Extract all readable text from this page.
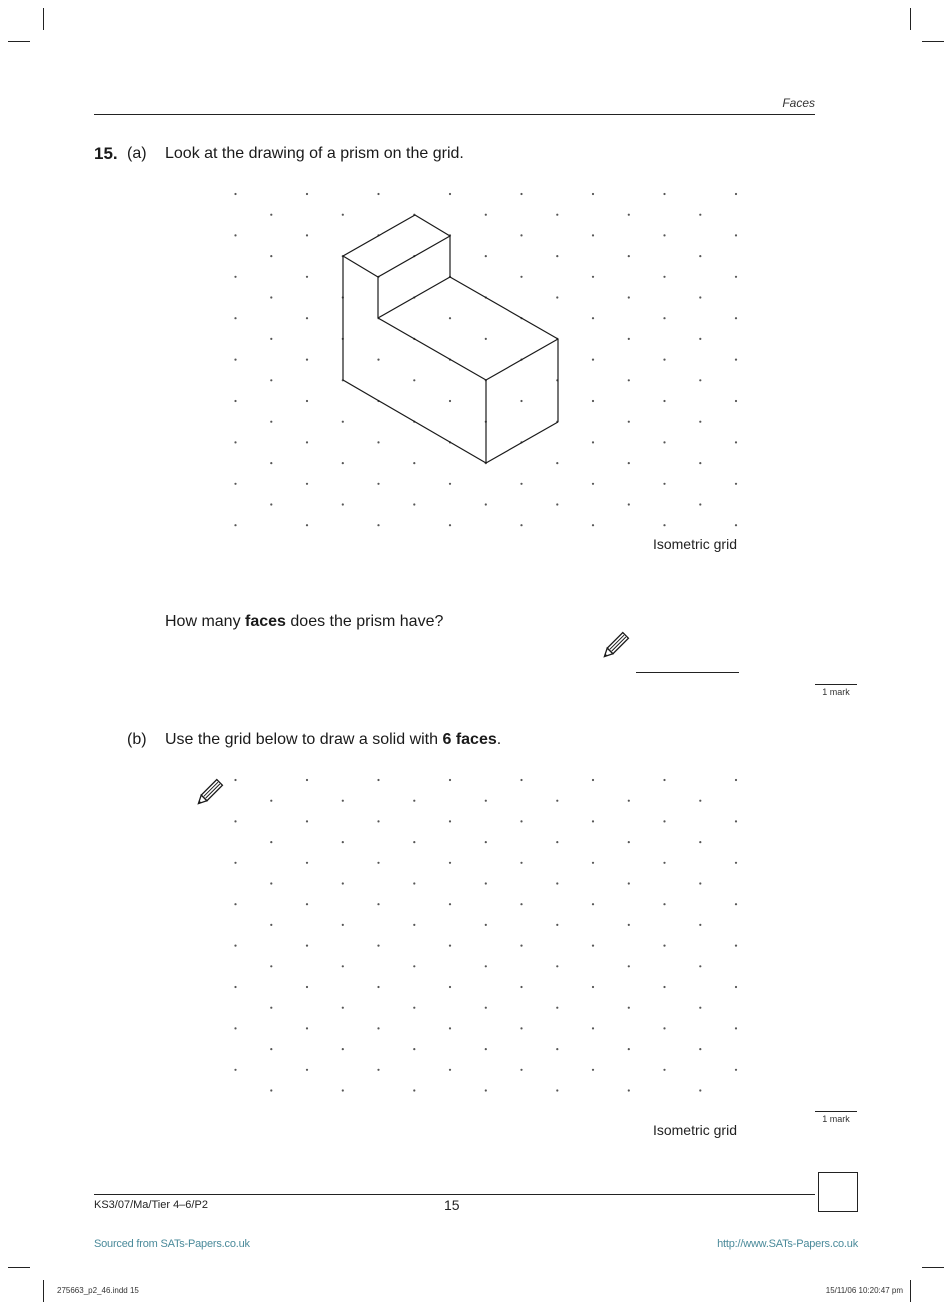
Faces
15. (a) Look at the drawing of a prism on the grid.
Isometric grid
How many faces does the prism have?
1 mark
(b) Use the grid below to draw a solid with 6 faces.
1 mark
Isometric grid
KS3/07/Ma/Tier 4–6/P2	15
Sourced from SATs-Papers.co.uk	http://www.SATs-Papers.co.uk
275663_p2_46.indd 15	15/11/06 10:20:47 pm
